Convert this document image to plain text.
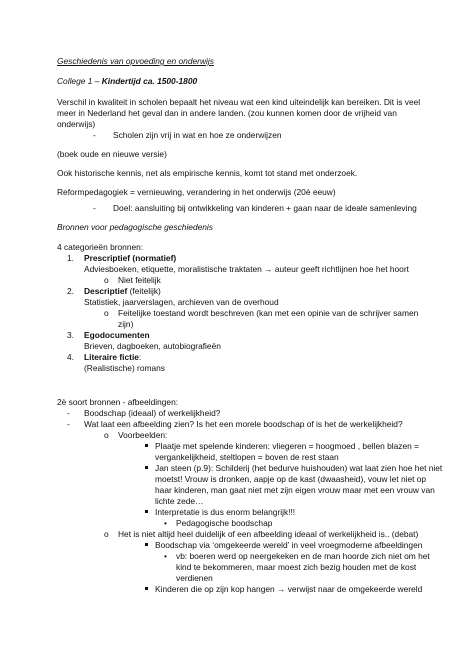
Geschiedenis van opvoeding en onderwijs
College 1 – Kindertijd ca. 1500-1800
Verschil in kwaliteit in scholen bepaalt het niveau wat een kind uiteindelijk kan bereiken. Dit is veel
meer in Nederland het geval dan in andere landen. (zou kunnen komen door de vrijheid van
onderwijs)
- Scholen zijn vrij in wat en hoe ze onderwijzen
(boek oude en nieuwe versie)
Ook historische kennis, net als empirische kennis, komt tot stand met onderzoek.
Reformpedagogiek = vernieuwing, verandering in het onderwijs (20è eeuw)
- Doel: aansluiting bij ontwikkeling van kinderen + gaan naar de ideale samenleving
Bronnen voor pedagogische geschiedenis
4 categorieën bronnen:
1. Prescriptief (normatief)
Adviesboeken, etiquette, moralistische traktaten → auteur geeft richtlijnen hoe het hoort
o Niet feitelijk
2. Descriptief (feitelijk)
Statistiek, jaarverslagen, archieven van de overhoud
o Feitelijke toestand wordt beschreven (kan met een opinie van de schrijver samen
zijn)
3. Egodocumenten
Brieven, dagboeken, autobiografieën
4. Literaire fictie:
(Realistische) romans
2è soort bronnen - afbeeldingen:
- Boodschap (ideaal) of werkelijkheid?
- Wat laat een afbeelding zien? Is het een morele boodschap of is het de werkelijkheid?
o Voorbeelden:
Plaatje met spelende kinderen: vliegeren = hoogmoed , bellen blazen =
vergankelijkheid, steltlopen = boven de rest staan
Jan steen (p.9): Schilderij (het bedurve huishouden) wat laat zien hoe het niet
moetst! Vrouw is dronken, aapje op de kast (dwaasheid), vouw let niet op
haar kinderen, man gaat niet met zijn eigen vrouw maar met een vrouw van
lichte zede…
Interpretatie is dus enorm belangrijk!!!
• Pedagogische boodschap
o Het is niet altijd heel duidelijk of een afbeelding ideaal of werkelijkheid is.. (debat)
Boodschap via ‘omgekeerde wereld’ in veel vroegmoderne afbeeldingen
• vb: boeren werd op neergekeken en de man hoorde zich niet om het
kind te bekommeren, maar moest zich bezig houden met de kost
verdienen
Kinderen die op zijn kop hangen → verwijst naar de omgekeerde wereld
